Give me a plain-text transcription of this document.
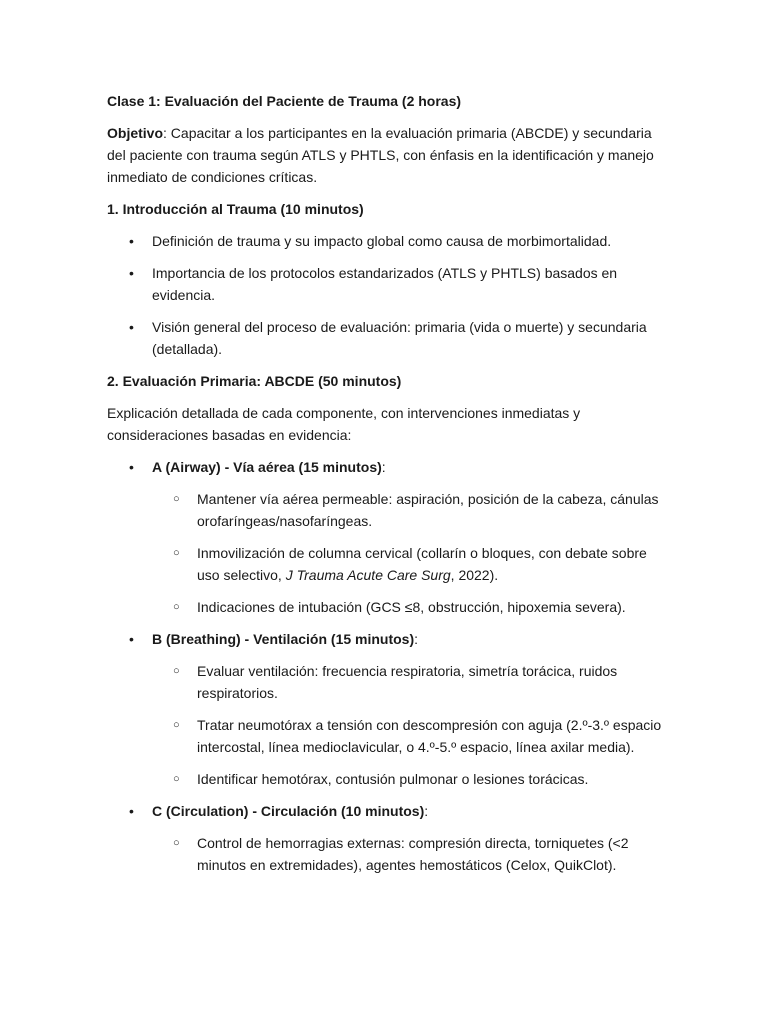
Clase 1: Evaluación del Paciente de Trauma (2 horas)

Objetivo: Capacitar a los participantes en la evaluación primaria (ABCDE) y secundaria del paciente con trauma según ATLS y PHTLS, con énfasis en la identificación y manejo inmediato de condiciones críticas.

1. Introducción al Trauma (10 minutos)

• Definición de trauma y su impacto global como causa de morbimortalidad.
• Importancia de los protocolos estandarizados (ATLS y PHTLS) basados en evidencia.
• Visión general del proceso de evaluación: primaria (vida o muerte) y secundaria (detallada).

2. Evaluación Primaria: ABCDE (50 minutos)

Explicación detallada de cada componente, con intervenciones inmediatas y consideraciones basadas en evidencia:

• A (Airway) - Vía aérea (15 minutos):
○ Mantener vía aérea permeable: aspiración, posición de la cabeza, cánulas orofaríngeas/nasofaríngeas.
○ Inmovilización de columna cervical (collarín o bloques, con debate sobre uso selectivo, J Trauma Acute Care Surg, 2022).
○ Indicaciones de intubación (GCS ≤8, obstrucción, hipoxemia severa).
• B (Breathing) - Ventilación (15 minutos):
○ Evaluar ventilación: frecuencia respiratoria, simetría torácica, ruidos respiratorios.
○ Tratar neumotórax a tensión con descompresión con aguja (2.º-3.º espacio intercostal, línea medioclavicular, o 4.º-5.º espacio, línea axilar media).
○ Identificar hemotórax, contusión pulmonar o lesiones torácicas.
• C (Circulation) - Circulación (10 minutos):
○ Control de hemorragias externas: compresión directa, torniquetes (<2 minutos en extremidades), agentes hemostáticos (Celox, QuikClot).
